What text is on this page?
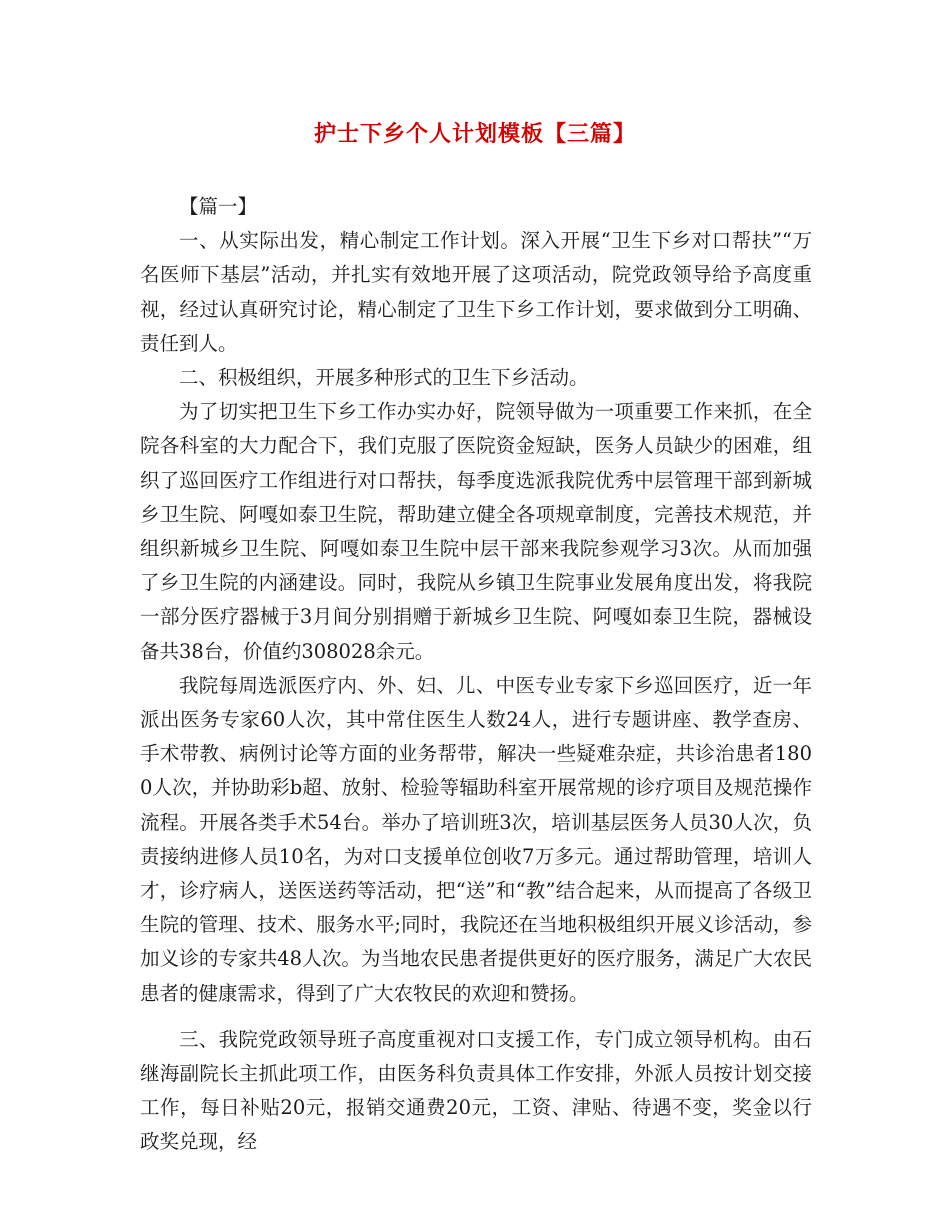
护士下乡个人计划模板【三篇】

【篇一】

一、从实际出发，精心制定工作计划。深入开展“卫生下乡对口帮扶”“万名医师下基层”活动，并扎实有效地开展了这项活动，院党政领导给予高度重视，经过认真研究讨论，精心制定了卫生下乡工作计划，要求做到分工明确、责任到人。

二、积极组织，开展多种形式的卫生下乡活动。

为了切实把卫生下乡工作办实办好，院领导做为一项重要工作来抓，在全院各科室的大力配合下，我们克服了医院资金短缺，医务人员缺少的困难，组织了巡回医疗工作组进行对口帮扶，每季度选派我院优秀中层管理干部到新城乡卫生院、阿嘎如泰卫生院，帮助建立健全各项规章制度，完善技术规范，并组织新城乡卫生院、阿嘎如泰卫生院中层干部来我院参观学习3次。从而加强了乡卫生院的内涵建设。同时，我院从乡镇卫生院事业发展角度出发，将我院一部分医疗器械于3月间分别捐赠于新城乡卫生院、阿嘎如泰卫生院，器械设备共38台，价值约308028余元。

我院每周选派医疗内、外、妇、儿、中医专业专家下乡巡回医疗，近一年派出医务专家60人次，其中常住医生人数24人，进行专题讲座、教学查房、手术带教、病例讨论等方面的业务帮带，解决一些疑难杂症，共诊治患者1800人次，并协助彩b超、放射、检验等辐助科室开展常规的诊疗项目及规范操作流程。开展各类手术54台。举办了培训班3次，培训基层医务人员30人次，负责接纳进修人员10名，为对口支援单位创收7万多元。通过帮助管理，培训人才，诊疗病人，送医送药等活动，把“送”和“教”结合起来，从而提高了各级卫生院的管理、技术、服务水平;同时，我院还在当地积极组织开展义诊活动，参加义诊的专家共48人次。为当地农民患者提供更好的医疗服务，满足广大农民患者的健康需求，得到了广大农牧民的欢迎和赞扬。

三、我院党政领导班子高度重视对口支援工作，专门成立领导机构。由石继海副院长主抓此项工作，由医务科负责具体工作安排，外派人员按计划交接工作，每日补贴20元，报销交通费20元，工资、津贴、待遇不变，奖金以行政奖兑现，经
